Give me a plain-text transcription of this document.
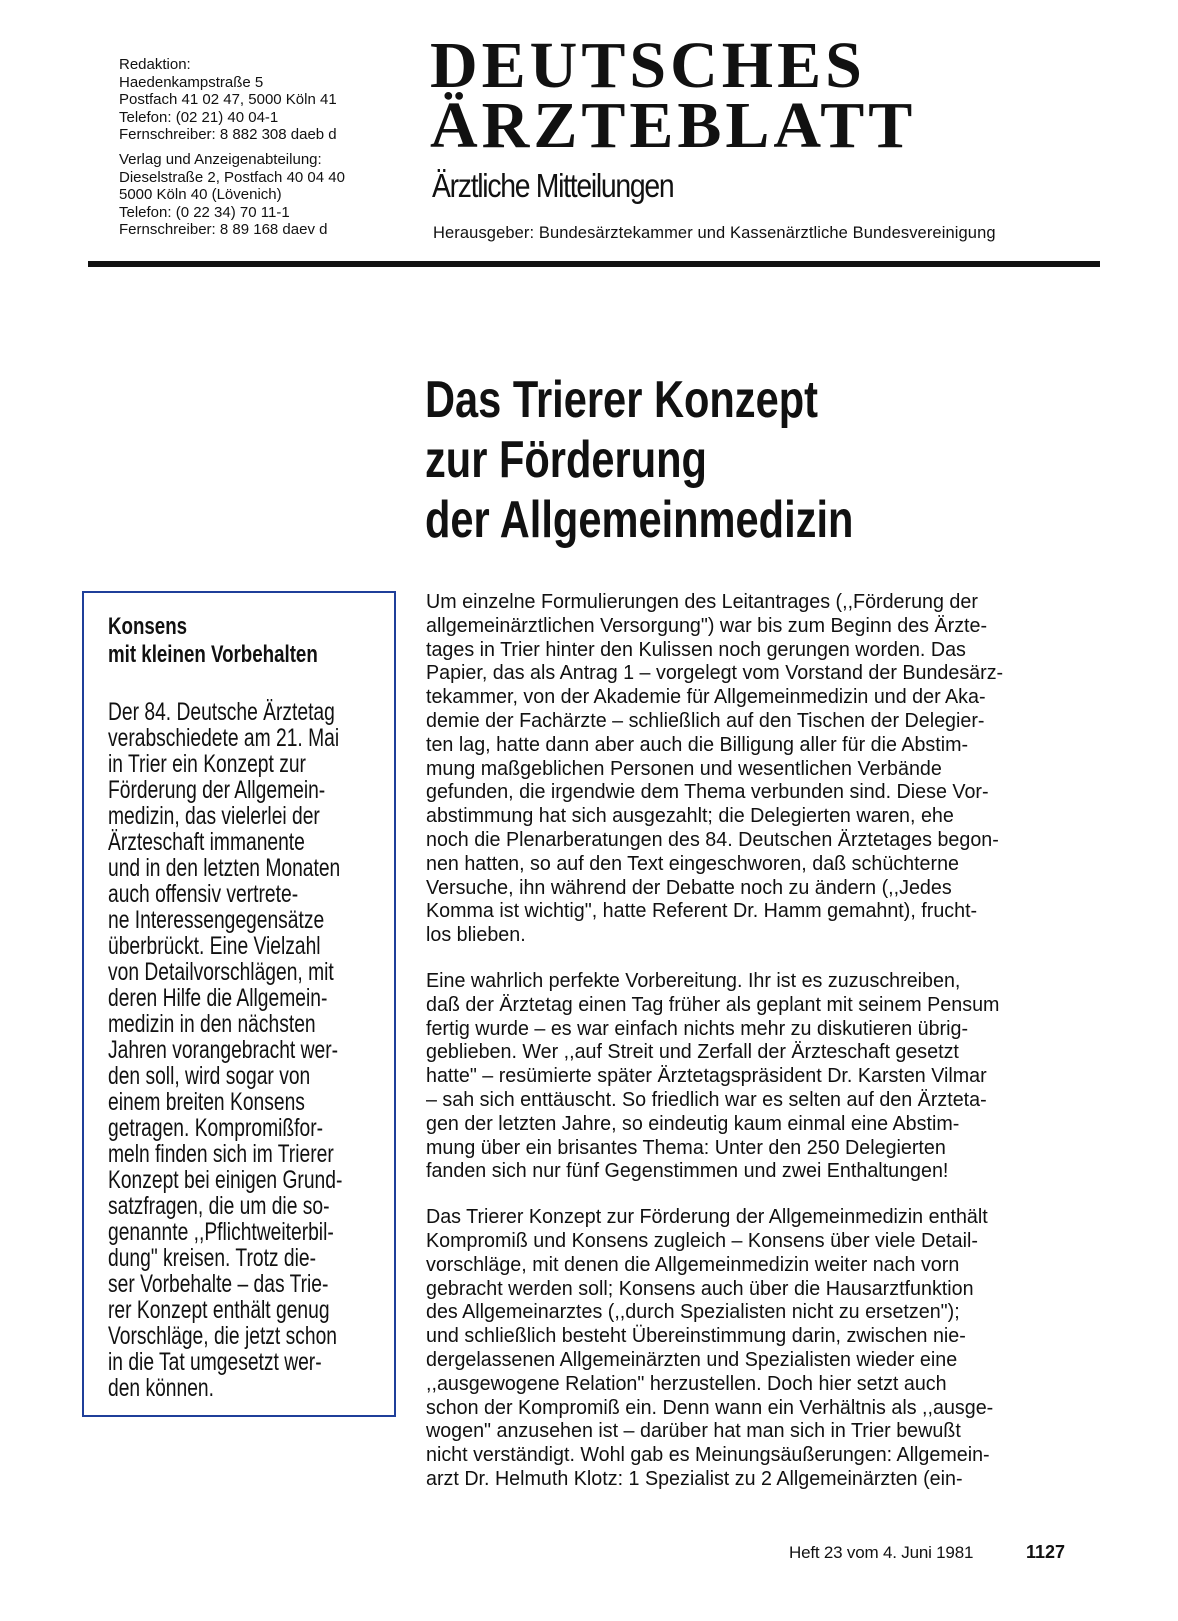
Redaktion:
Haedenkampstraße 5
Postfach 41 02 47, 5000 Köln 41
Telefon: (02 21) 40 04-1
Fernschreiber: 8 882 308 daeb d
Verlag und Anzeigenabteilung:
Dieselstraße 2, Postfach 40 04 40
5000 Köln 40 (Lövenich)
Telefon: (0 22 34) 70 11-1
Fernschreiber: 8 89 168 daev d
DEUTSCHES
ÄRZTEBLATT
Ärztliche Mitteilungen
Herausgeber: Bundesärztekammer und Kassenärztliche Bundesvereinigung
Das Trierer Konzept
zur Förderung
der Allgemeinmedizin
Konsens
mit kleinen Vorbehalten
Der 84. Deutsche Ärztetag
verabschiedete am 21. Mai
in Trier ein Konzept zur
Förderung der Allgemein-
medizin, das vielerlei der
Ärzteschaft immanente
und in den letzten Monaten
auch offensiv vertrete-
ne Interessengegensätze
überbrückt. Eine Vielzahl
von Detailvorschlägen, mit
deren Hilfe die Allgemein-
medizin in den nächsten
Jahren vorangebracht wer-
den soll, wird sogar von
einem breiten Konsens
getragen. Kompromißfor-
meln finden sich im Trierer
Konzept bei einigen Grund-
satzfragen, die um die so-
genannte ,,Pflichtweiterbil-
dung" kreisen. Trotz die-
ser Vorbehalte – das Trie-
rer Konzept enthält genug
Vorschläge, die jetzt schon
in die Tat umgesetzt wer-
den können.
Um einzelne Formulierungen des Leitantrages (,,Förderung der
allgemeinärztlichen Versorgung") war bis zum Beginn des Ärzte-
tages in Trier hinter den Kulissen noch gerungen worden. Das
Papier, das als Antrag 1 – vorgelegt vom Vorstand der Bundesärz-
tekammer, von der Akademie für Allgemeinmedizin und der Aka-
demie der Fachärzte – schließlich auf den Tischen der Delegier-
ten lag, hatte dann aber auch die Billigung aller für die Abstim-
mung maßgeblichen Personen und wesentlichen Verbände
gefunden, die irgendwie dem Thema verbunden sind. Diese Vor-
abstimmung hat sich ausgezahlt; die Delegierten waren, ehe
noch die Plenarberatungen des 84. Deutschen Ärztetages begon-
nen hatten, so auf den Text eingeschworen, daß schüchterne
Versuche, ihn während der Debatte noch zu ändern (,,Jedes
Komma ist wichtig", hatte Referent Dr. Hamm gemahnt), frucht-
los blieben.
Eine wahrlich perfekte Vorbereitung. Ihr ist es zuzuschreiben,
daß der Ärztetag einen Tag früher als geplant mit seinem Pensum
fertig wurde – es war einfach nichts mehr zu diskutieren übrig-
geblieben. Wer ,,auf Streit und Zerfall der Ärzteschaft gesetzt
hatte" – resümierte später Ärztetagspräsident Dr. Karsten Vilmar
– sah sich enttäuscht. So friedlich war es selten auf den Ärzteta-
gen der letzten Jahre, so eindeutig kaum einmal eine Abstim-
mung über ein brisantes Thema: Unter den 250 Delegierten
fanden sich nur fünf Gegenstimmen und zwei Enthaltungen!
Das Trierer Konzept zur Förderung der Allgemeinmedizin enthält
Kompromiß und Konsens zugleich – Konsens über viele Detail-
vorschläge, mit denen die Allgemeinmedizin weiter nach vorn
gebracht werden soll; Konsens auch über die Hausarztfunktion
des Allgemeinarztes (,,durch Spezialisten nicht zu ersetzen");
und schließlich besteht Übereinstimmung darin, zwischen nie-
dergelassenen Allgemeinärzten und Spezialisten wieder eine
,,ausgewogene Relation" herzustellen. Doch hier setzt auch
schon der Kompromiß ein. Denn wann ein Verhältnis als ,,ausge-
wogen" anzusehen ist – darüber hat man sich in Trier bewußt
nicht verständigt. Wohl gab es Meinungsäußerungen: Allgemein-
arzt Dr. Helmuth Klotz: 1 Spezialist zu 2 Allgemeinärzten (ein-
Heft 23 vom 4. Juni 1981	1127
